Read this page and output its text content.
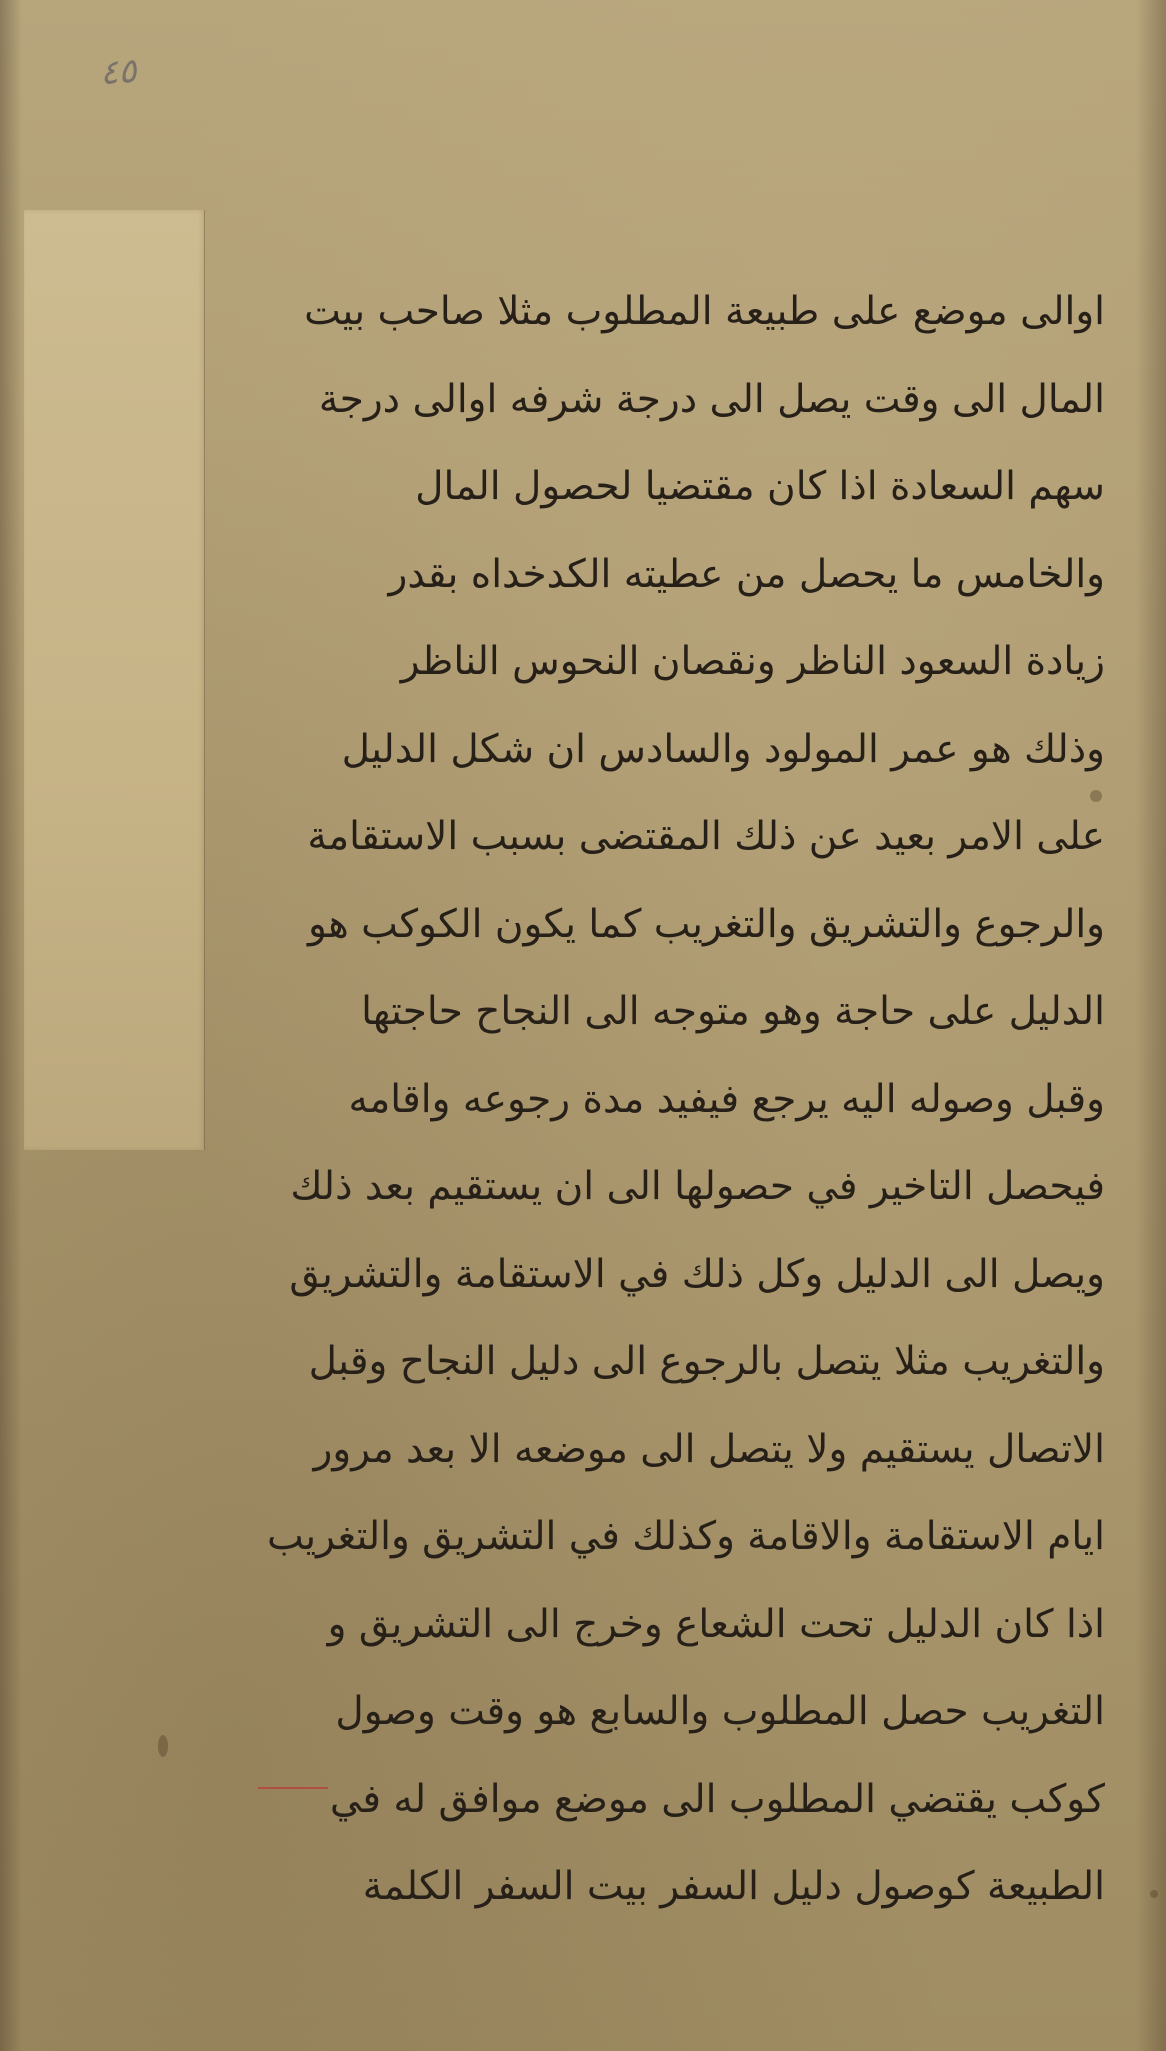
٤٥
اوالى موضع على طبيعة المطلوب مثلا صاحب بيت
المال الى وقت يصل الى درجة شرفه اوالى درجة
سهم السعادة اذا كان مقتضيا لحصول المال
والخامس ما يحصل من عطيته الكدخداه بقدر
زيادة السعود الناظر ونقصان النحوس الناظر
وذلك هو عمر المولود والسادس ان شكل الدليل
على الامر بعيد عن ذلك المقتضى بسبب الاستقامة
والرجوع والتشريق والتغريب كما يكون الكوكب هو
الدليل على حاجة وهو متوجه الى النجاح حاجتها
وقبل وصوله اليه يرجع فيفيد مدة رجوعه واقامه
فيحصل التاخير في حصولها الى ان يستقيم بعد ذلك
ويصل الى الدليل وكل ذلك في الاستقامة والتشريق
والتغريب مثلا يتصل بالرجوع الى دليل النجاح وقبل
الاتصال يستقيم ولا يتصل الى موضعه الا بعد مرور
ايام الاستقامة والاقامة وكذلك في التشريق والتغريب
اذا كان الدليل تحت الشعاع وخرج الى التشريق و
التغريب حصل المطلوب والسابع هو وقت وصول
كوكب يقتضي المطلوب الى موضع موافق له في
الطبيعة كوصول دليل السفر بيت السفر الكلمة
